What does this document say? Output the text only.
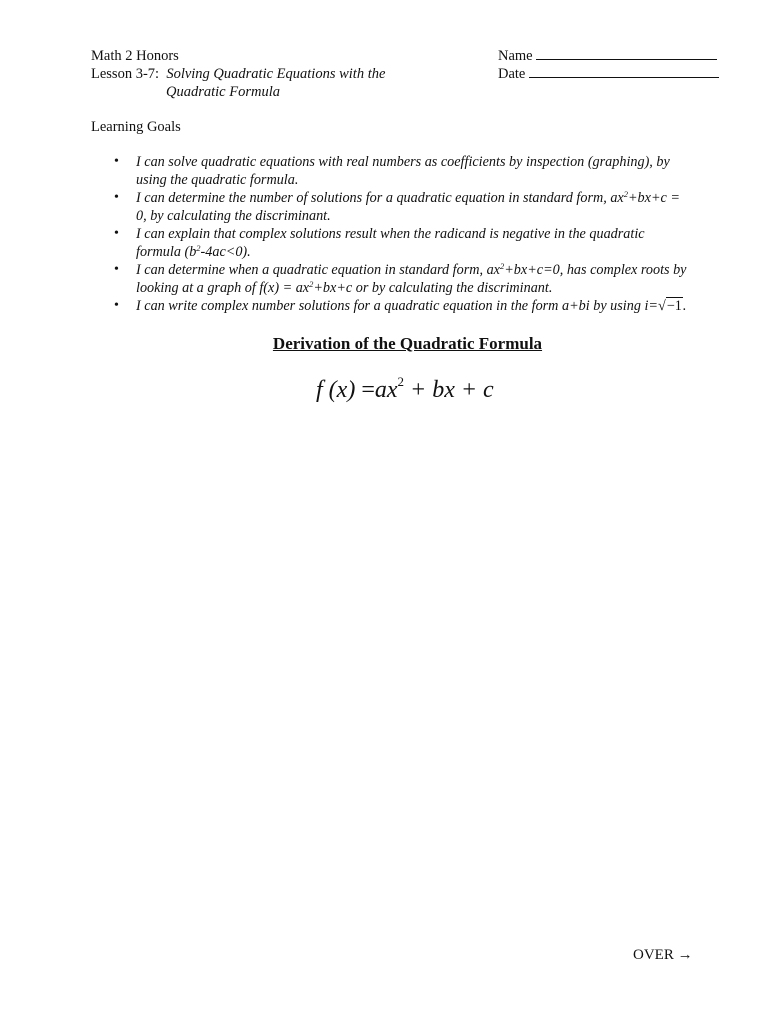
Math 2 Honors
Lesson 3-7: Solving Quadratic Equations with the
Quadratic Formula
Name
Date
Learning Goals
• I can solve quadratic equations with real numbers as coefficients by inspection (graphing), by
using the quadratic formula.
• I can determine the number of solutions for a quadratic equation in standard form, $ax^2+bx+c$ =
0, by calculating the discriminant.
• I can explain that complex solutions result when the radicand is negative in the quadratic
formula $(b^2-4ac<0)$.
• I can determine when a quadratic equation in standard form, $ax^2+bx+c=0$, has complex roots by
looking at a graph of $f(x) = ax^2+bx+c$ or by calculating the discriminant.
• I can write complex number solutions for a quadratic equation in the form a+bi by using i=√−1.
Derivation of the Quadratic Formula
f $(x) =ax^2$ + bx + c
OVER →
